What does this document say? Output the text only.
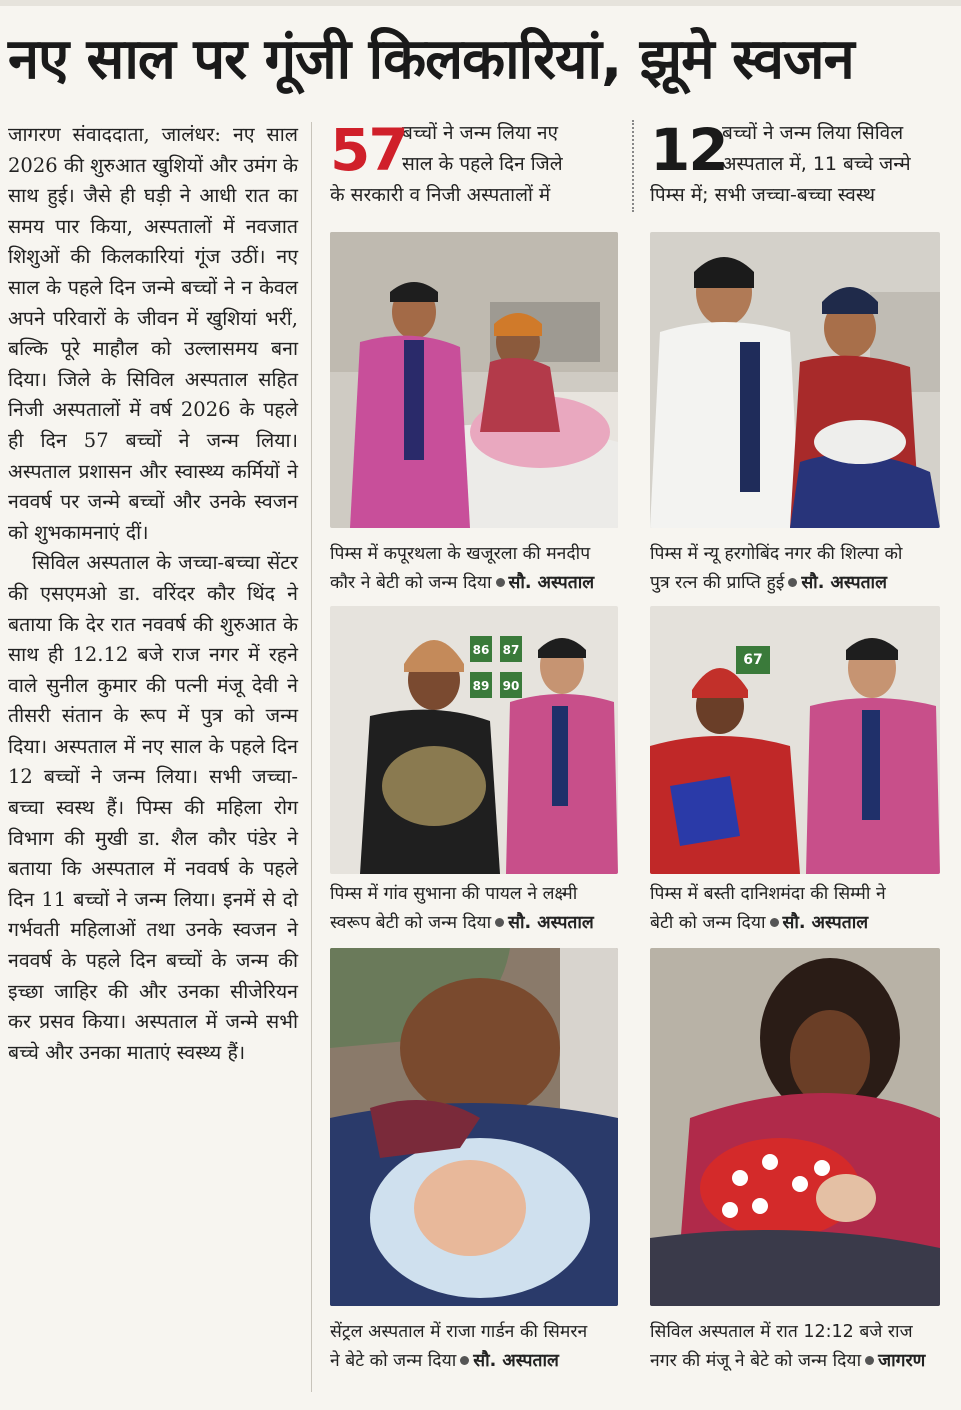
नए साल पर गूंजी किलकारियां, झूमे स्वजन

जागरण संवाददाता, जालंधर: नए साल 2026 की शुरुआत खुशियों और उमंग के साथ हुई। जैसे ही घड़ी ने आधी रात का समय पार किया, अस्पतालों में नवजात शिशुओं की किलकारियां गूंज उठीं। नए साल के पहले दिन जन्मे बच्चों ने न केवल अपने परिवारों के जीवन में खुशियां भरीं, बल्कि पूरे माहौल को उल्लासमय बना दिया। जिले के सिविल अस्पताल सहित निजी अस्पतालों में वर्ष 2026 के पहले ही दिन 57 बच्चों ने जन्म लिया। अस्पताल प्रशासन और स्वास्थ्य कर्मियों ने नववर्ष पर जन्मे बच्चों और उनके स्वजन को शुभकामनाएं दीं।

सिविल अस्पताल के जच्चा-बच्चा सेंटर की एसएमओ डा. वरिंदर कौर थिंद ने बताया कि देर रात नववर्ष की शुरुआत के साथ ही 12.12 बजे राज नगर में रहने वाले सुनील कुमार की पत्नी मंजू देवी ने तीसरी संतान के रूप में पुत्र को जन्म दिया। अस्पताल में नए साल के पहले दिन 12 बच्चों ने जन्म लिया। सभी जच्चा-बच्चा स्वस्थ हैं। पिम्स की महिला रोग विभाग की मुखी डा. शैल कौर पंडेर ने बताया कि अस्पताल में नववर्ष के पहले दिन 11 बच्चों ने जन्म लिया। इनमें से दो गर्भवती महिलाओं तथा उनके स्वजन ने नववर्ष के पहले दिन बच्चों के जन्म की इच्छा जाहिर की और उनका सीजेरियन कर प्रसव किया। अस्पताल में जन्मे सभी बच्चे और उनका माताएं स्वस्थ्य हैं।

57
बच्चों ने जन्म लिया नए
साल के पहले दिन जिले
के सरकारी व निजी अस्पतालों में
12
बच्चों ने जन्म लिया सिविल
अस्पताल में, 11 बच्चे जन्मे
पिम्स में; सभी जच्चा-बच्चा स्वस्थ
पिम्स में कपूरथला के खजूरला की मनदीप
कौर ने बेटी को जन्म दिया सौ. अस्पताल
पिम्स में न्यू हरगोबिंद नगर की शिल्पा को
पुत्र रत्न की प्राप्ति हुई सौ. अस्पताल
86 87
89 90
पिम्स में गांव सुभाना की पायल ने लक्ष्मी
स्वरूप बेटी को जन्म दिया सौ. अस्पताल
67
पिम्स में बस्ती दानिशमंदा की सिम्मी ने
बेटी को जन्म दिया सौ. अस्पताल
सेंट्रल अस्पताल में राजा गार्डन की सिमरन
ने बेटे को जन्म दिया सौ. अस्पताल
सिविल अस्पताल में रात 12:12 बजे राज
नगर की मंजू ने बेटे को जन्म दिया जागरण
